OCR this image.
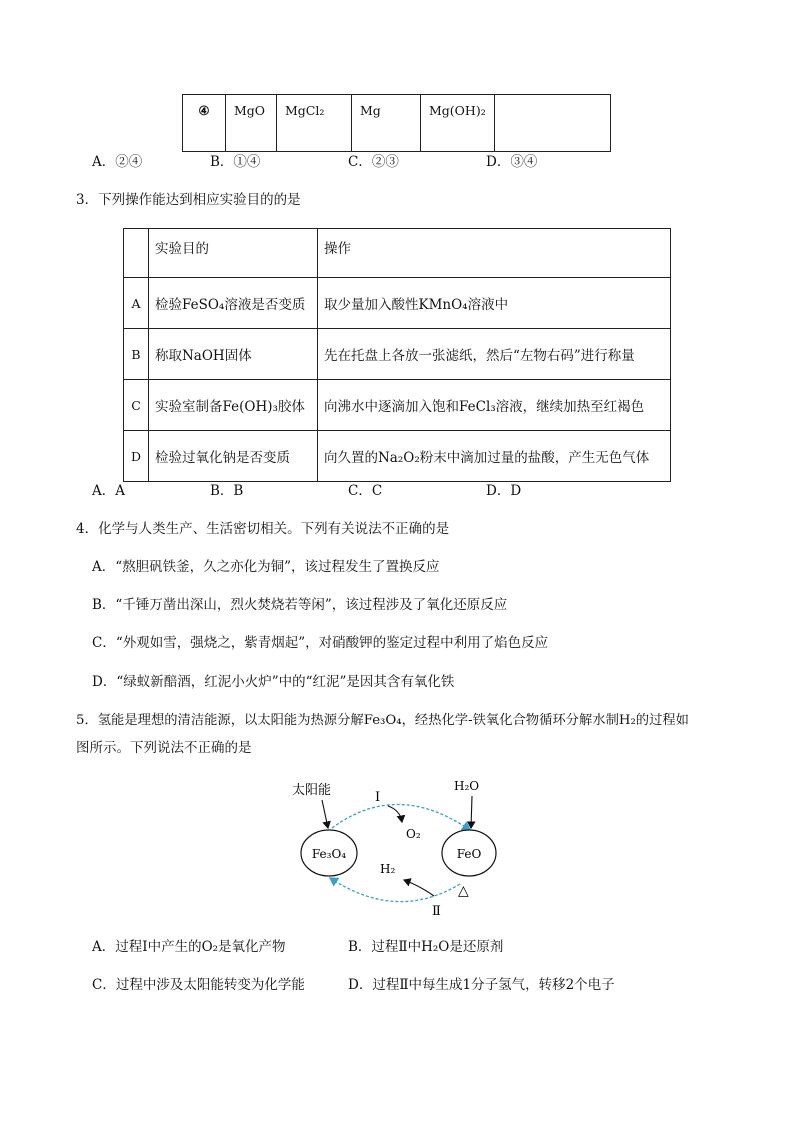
④	MgO	MgCl₂	Mg	Mg(OH)₂	
A．②④	B．①④	C．②③	D．③④
3．下列操作能达到相应实验目的的是
	实验目的	操作
A	检验FeSO₄溶液是否变质	取少量加入酸性KMnO₄溶液中
B	称取NaOH固体	先在托盘上各放一张滤纸，然后“左物右码”进行称量
C	实验室制备Fe(OH)₃胶体	向沸水中逐滴加入饱和FeCl₃溶液，继续加热至红褐色
D	检验过氧化钠是否变质	向久置的Na₂O₂粉末中滴加过量的盐酸，产生无色气体
A．A	B．B	C．C	D．D
4．化学与人类生产、生活密切相关。下列有关说法不正确的是
A．“熬胆矾铁釜，久之亦化为铜”，该过程发生了置换反应
B．“千锤万凿出深山，烈火焚烧若等闲”，该过程涉及了氧化还原反应
C．“外观如雪，强烧之，紫青烟起”，对硝酸钾的鉴定过程中利用了焰色反应
D．“绿蚁新醅酒，红泥小火炉”中的“红泥”是因其含有氧化铁
5．氢能是理想的清洁能源，以太阳能为热源分解Fe₃O₄，经热化学-铁氧化合物循环分解水制H₂的过程如
图所示。下列说法不正确的是
太阳能	I
O₂
H₂O
Fe₃O₄	FeO
H₂
Ⅱ
△
A．过程I中产生的O₂是氧化产物	B．过程Ⅱ中H₂O是还原剂
C．过程中涉及太阳能转变为化学能	D．过程Ⅱ中每生成1分子氢气，转移2个电子
